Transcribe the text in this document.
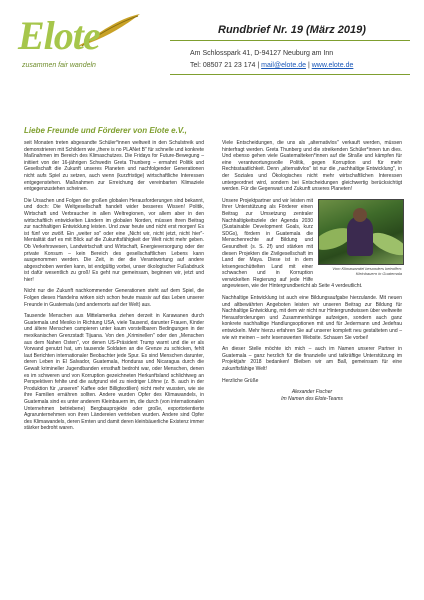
Elote
zusammen fair wandeln
Rundbrief Nr. 19 (März 2019)
Am Schlosspark 41, D-94127 Neuburg am Inn
Tel: 08507 21 23 174 | mail@elote.de | www.elote.de
Liebe Freunde und Förderer von Elote e.V.,

seit Monaten treten abgesandte Schüler*innen weltweit in den Schulstreik und demonstrieren mit Schildern wie „there is no PLANet B" für schnelle und konkrete Maßnahmen im Bereich des Klimaschutzes. Die Fridays for Future-Bewegung – initiiert von der 16-jährigen Schwedin Greta Thunberg – ermahnt Politik und Gesellschaft die Zukunft unseres Planeten und nachfolgender Generationen nicht aufs Spiel zu setzen, auch wenn (kurzfristige) wirtschaftliche Interessen entgegenstehen. Maßnahmen zur Erreichung der vereinbarten Klimaziele entgegenzustehen scheinen.

Die Ursachen und Folgen der großen globalen Herausforderungen sind bekannt, und doch: Die Weltgesellschaft handelt wider besseres Wissen! Politik, Wirtschaft und Verbraucher in allen Weltregionen, vor allem aber in den wirtschaftlich entwickelten Ländern im globalen Norden, müssen ihren Beitrag zur nachhaltigen Entwicklung leisten. Und zwar heute und nicht erst morgen! Es ist fünf vor zwölf. Ein „weiter so" oder eine „Nicht wir, nicht jetzt, nicht hier"-Mentalität darf es mit Blick auf die Zukunftsfähigkeit der Welt nicht mehr geben. Ob Verkehrswesen, Landwirtschaft und Wirtschaft, Energieversorgung oder der private Konsum – kein Bereich des gesellschaftlichen Lebens kann ausgenommen werden. Die Zeit, in der die Verantwortung auf andere abgeschoben werden kann, ist endgültig vorbei, unser ökologischer Fußabdruck ist dafür wesentlich zu groß! Es geht nur gemeinsam, beginnen wir, jetzt und hier!

Nicht nur die Zukunft nachkommender Generationen steht auf dem Spiel, die Folgen dieses Handelns wirken sich schon heute massiv auf das Leben unserer Freunde in Guatemala (und andernorts auf der Welt) aus.

Tausende Menschen aus Mittelamerika ziehen derzeit in Karawanen durch Guatemala und Mexiko in Richtung USA, viele Tausend, darunter Frauen, Kinder und ältere Menschen campieren unter kaum vorstellbaren Bedingungen in der mexikanischen Grenzstadt Tijuana. Von den „Kriminellen" oder den „Menschen aus dem Nahen Osten", vor denen US-Präsident Trump warnt und die er als Vorwand genutzt hat, um tausende Soldaten an die Grenze zu schicken, fehlt laut Berichten internationaler Beobachter jede Spur. Es sind Menschen darunter, deren Leben in El Salvador, Guatemala, Honduras und Nicaragua durch die Gewalt krimineller Jugendbanden ernsthaft bedroht war, oder Menschen, denen es im schweren und von Korruption gezeichneten Herkunftsland schlichtweg an Perspektiven fehlte und die aufgrund viel zu niedriger Löhne (z. B. auch in der Produktion für „unseren" Kaffee oder Billigtextilien) nicht mehr wussten, wie sie ihre Familien ernähren sollten. Andere wurden Opfer des Klimawandels, in Guatemala sind es unter anderem Kleinbauern im, die durch (von internationalen Unternehmen betriebene) Bergbauprojekte oder große, exportorientierte Agrarunternehmen von ihren Ländereien vertrieben wurden. Andere sind Opfer des Klimawandels, deren Ernten und damit deren kleinbäuerliche Existenz immer stärker bedroht waren.

Viele Entscheidungen, die uns als „alternativlos" verkauft werden, müssen hinterfragt werden. Greta Thunberg und die streikenden Schüler*innen tun dies. Und ebenso gehen viele Guatemalteken*innen auf die Straße und kämpfen für eine verantwortungsvolle Politik, gegen Korruption und für mehr Rechtsstaatlichkeit. Denn „alternativlos" ist nur die „nachhaltige Entwicklung", in der Soziales und Ökologisches nicht mehr wirtschaftlichen Interessen untergeordnet wird, sondern bei Entscheidungen gleichwertig berücksichtigt werden. Für die Gegenwart und Zukunft unseres Planeten!

Vom Klimawandel besonders betroffen: Kleinbauern in Guatemala

Unsere Projektpartner und wir leisten mit Ihrer Unterstützung als Förderer einen Beitrag zur Umsetzung zentraler Nachhaltigkeitsziele der Agenda 2030 (Sustainable Development Goals, kurz SDGs), fördern in Guatemala die Menschenrechte auf Bildung und Gesundheit (s. S. 2f) und stärken mit diesen Projekten die Zivilgesellschaft im Land der Maya. Diese ist in dem krisengeschüttelten Land mit einer schwachen und in Korruption verwickelten Regierung auf jede Hilfe angewiesen, wie der Hintergrundbericht ab Seite 4 verdeutlicht.

Nachhaltige Entwicklung ist auch eine Bildungsaufgabe hierzulande. Mit neuen und altbewährten Angeboten leisten wir unseren Beitrag zur Bildung für Nachhaltige Entwicklung, mit dem wir nicht nur Hintergrundwissen über weltweite Herausforderungen und Zusammenhänge aufzeigen, sondern auch ganz konkrete nachhaltige Handlungsoptionen mit und für Jedermann und Jedefrau entwickeln. Mehr hierzu erfahren Sie auf unserer komplett neu gestalteten und – wie wir meinen – sehr lesenswerten Website. Schauen Sie vorbei!

An dieser Stelle möchte ich mich – auch im Namen unserer Partner in Guatemala – ganz herzlich für die finanzielle und tatkräftige Unterstützung im Projektjahr 2018 bedanken! Bleiben wir am Ball, gemeinsam für eine zukunftsfähige Welt!

Herzliche Grüße

Alexander Fischer
Im Namen des Elote-Teams
